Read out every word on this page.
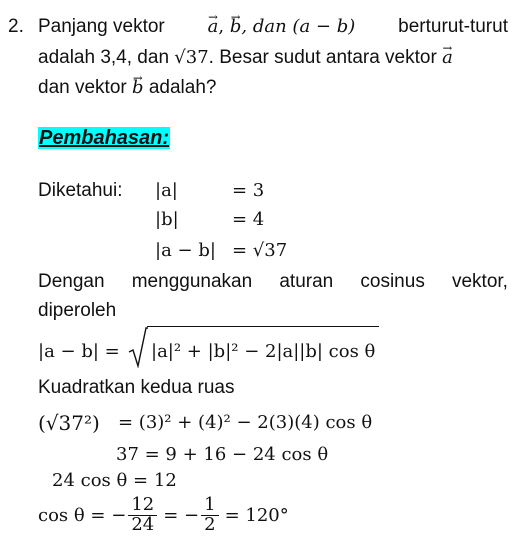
2. Panjang vektor → a, → b, dan (a − b) berturut-turut
adalah 3,4, dan √37. Besar sudut antara vektor → a
dan vektor → b adalah?
Pembahasan:
Diketahui: |a|	= 3
|b|	= 4
|a − b| = √37
Dengan menggunakan aturan cosinus vektor,
diperoleh
|a − b| = |a|² + |b|² − 2|a||b| cos θ
Kuadratkan kedua ruas
(√37²) = (3)² + (4)² − 2(3)(4) cos θ
37 = 9 + 16 − 24 cos θ
24 cos θ = 12
cos θ = − $\frac{12}{24}$ = − $\frac{1}{2} = 120^\circ$
